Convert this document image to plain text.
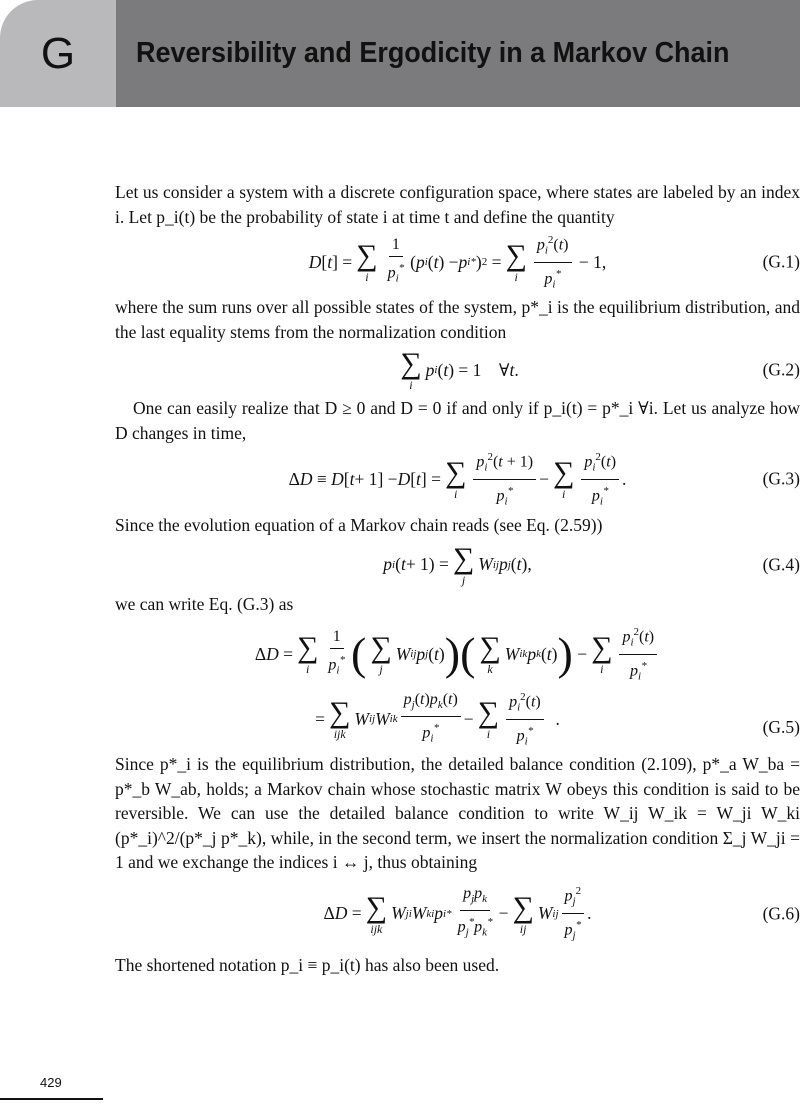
G Reversibility and Ergodicity in a Markov Chain

Let us consider a system with a discrete configuration space, where states are labeled by an index i. Let p_i(t) be the probability of state i at time t and define the quantity

D [ t ] = ∑
i $\frac{1}{p_i^*}$ ( p i ( t ) − p i * ) 2 = ∑
i $\frac{p_i^2(t)}{p_i^*} - 1$,	(G.1)

where the sum runs over all possible states of the system, p*_i is the equilibrium distribution, and the last equality stems from the normalization condition

∑
i
p i ( t ) = 1    ∀ t .	(G.2)

One can easily realize that D ≥ 0 and D = 0 if and only if p_i(t) = p*_i ∀i. Let us analyze how D changes in time,

Δ D ≡ D [ t + 1] − D [ t ] = ∑
i $\frac{p_i^2(t + 1)}{p_i^*}$ − ∑
i $\frac{p_i^2(t)}{p_i^*}$ .	(G.3)

Since the evolution equation of a Markov chain reads (see Eq. (2.59))

p i ( t + 1) = ∑
j
W ij p j ( t ),	(G.4)

we can write Eq. (G.3) as

Δ D = ∑
i $\frac{1}{p_i^*}$ ( ∑
j
W ij p j ( t ) )( ∑
k
W ik p k ( t ) ) − ∑
i $\frac{p_i^2(t)}{p_i^*}$
= ∑
ijk
W ij W ik $\frac{p_j(t)p_k(t)}{p_i^*}$ − ∑
i $\frac{p_i^2(t)}{p_i^*}$ .	(G.5)

Since p*_i is the equilibrium distribution, the detailed balance condition (2.109), p*_a W_ba = p*_b W_ab, holds; a Markov chain whose stochastic matrix W obeys this condition is said to be reversible. We can use the detailed balance condition to write W_ij W_ik = W_ji W_ki (p*_i)^2/(p*_j p*_k), while, in the second term, we insert the normalization condition Σ_j W_ji = 1 and we exchange the indices i ↔ j, thus obtaining

Δ D = ∑
ijk
W ji W ki p i * $\frac{p_jp_k}{p_j^*p_k^*}$ − ∑
ij
W ij $\frac{p_j^2}{p_j^*}$ .	(G.6)

The shortened notation p_i ≡ p_i(t) has also been used.

429
